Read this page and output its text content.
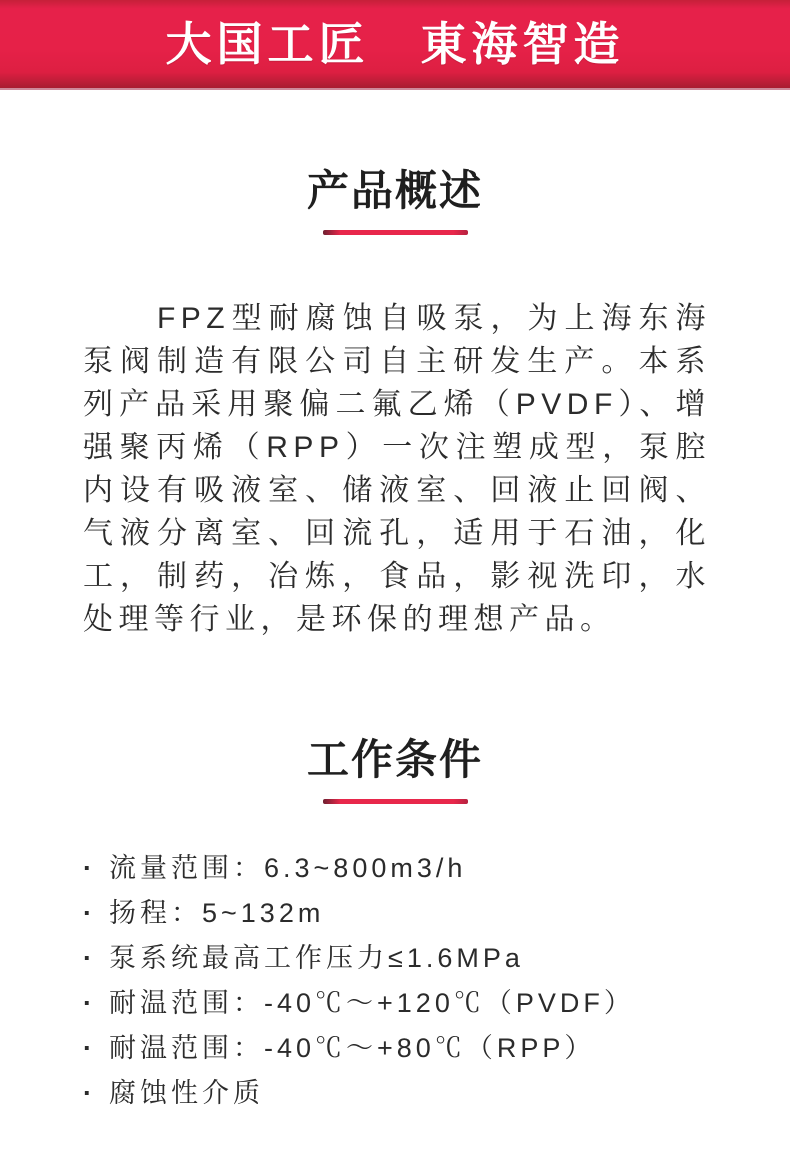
大国工匠　東海智造
产品概述

　　FPZ型耐腐蚀自吸泵，为上海东海泵阀制造有限公司自主研发生产。本系列产品采用聚偏二氟乙烯（PVDF）、增强聚丙烯（RPP）一次注塑成型，泵腔内设有吸液室、储液室、回液止回阀、气液分离室、回流孔，适用于石油，化工，制药，冶炼，食品，影视洗印，水处理等行业，是环保的理想产品。

工作条件
· 流量范围：6.3~800m3/h
· 扬程：5~132m
· 泵系统最高工作压力≤1.6MPa
· 耐温范围：-40℃～+120℃（PVDF）
· 耐温范围：-40℃～+80℃（RPP）
· 腐蚀性介质
